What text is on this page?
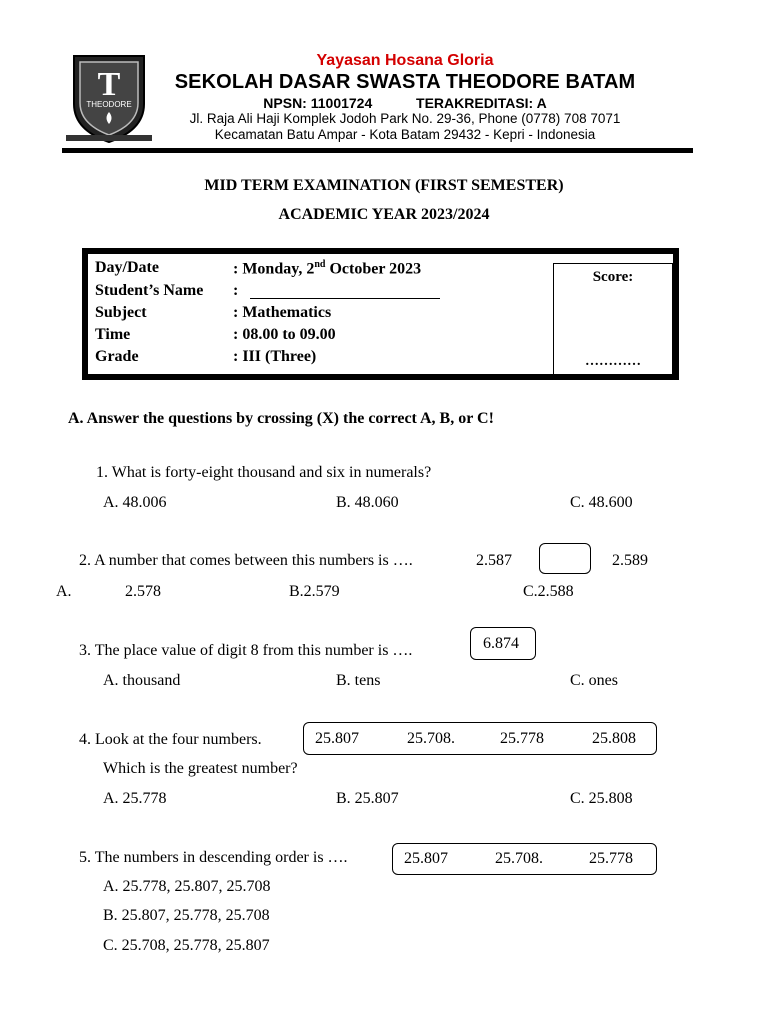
T
THEODORE
Yayasan Hosana Gloria
SEKOLAH DASAR SWASTA THEODORE BATAM
NPSN: 11001724	TERAKREDITASI: A
Jl. Raja Ali Haji Komplek Jodoh Park No. 29-36, Phone (0778) 708 7071
Kecamatan Batu Ampar - Kota Batam 29432 - Kepri - Indonesia
MID TERM EXAMINATION (FIRST SEMESTER)
ACADEMIC YEAR 2023/2024
Day/Date	: Monday, 2nd October 2023
Student’s Name :
Subject	: Mathematics
Time	: 08.00 to 09.00
Grade	: III (Three)
Score:
…………
A. Answer the questions by crossing (X) the correct A, B, or C!
1. What is forty-eight thousand and six in numerals?
A. 48.006	B. 48.060	C. 48.600
2. A number that comes between this numbers is ….	2.587	2.589
A.	2.578	B.2.579	C.2.588
3. The place value of digit 8 from this number is ….	6.874
A. thousand	B. tens	C. ones
4. Look at the four numbers.	25.807	25.708.	25.778	25.808
Which is the greatest number?
A. 25.778	B. 25.807	C. 25.808
5. The numbers in descending order is ….	25.807	25.708.	25.778
A. 25.778, 25.807, 25.708
B. 25.807, 25.778, 25.708
C. 25.708, 25.778, 25.807
